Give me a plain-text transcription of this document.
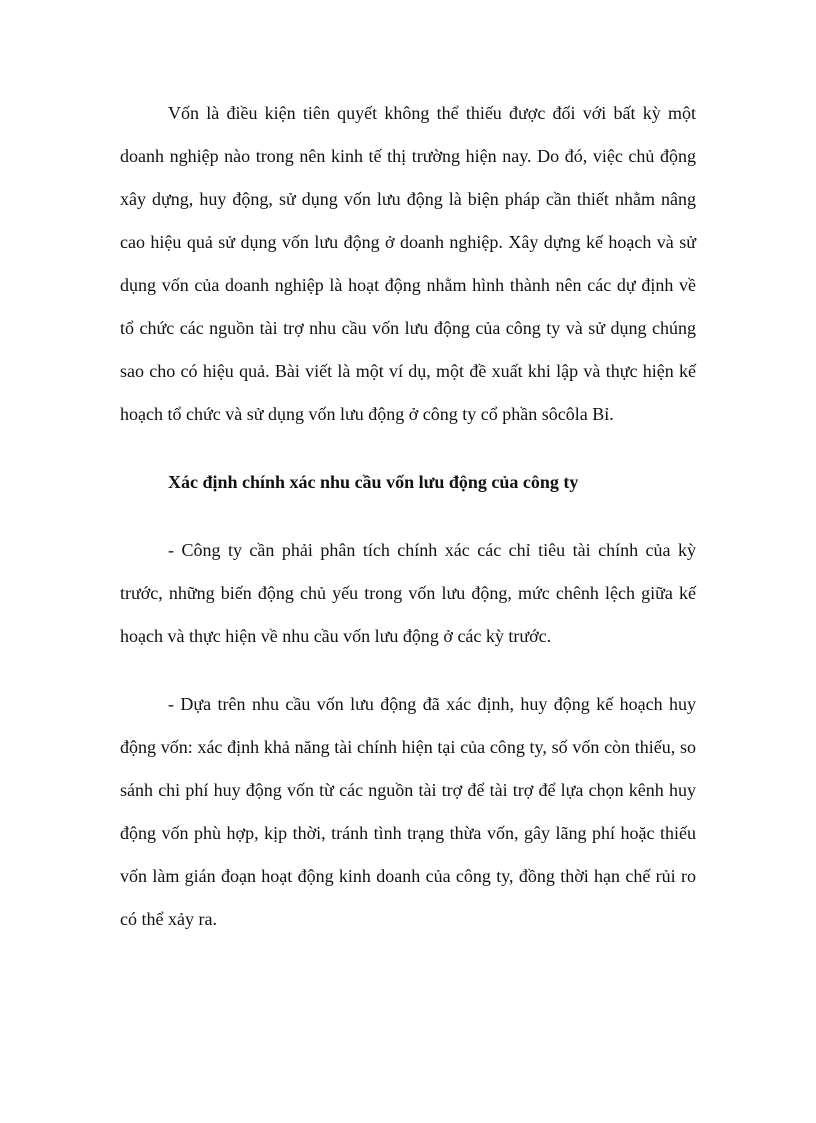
Vốn là điều kiện tiên quyết không thể thiếu được đối với bất kỳ một doanh nghiệp nào trong nên kinh tế thị trường hiện nay. Do đó, việc chủ động xây dựng, huy động, sử dụng vốn lưu động là biện pháp cần thiết nhằm nâng cao hiệu quả sử dụng vốn lưu động ở doanh nghiệp. Xây dựng kế hoạch và sử dụng vốn của doanh nghiệp là hoạt động nhằm hình thành nên các dự định về tổ chức các nguồn tài trợ nhu cầu vốn lưu động của công ty và sử dụng chúng sao cho có hiệu quả. Bài viết là một ví dụ, một đề xuất khi lập và thực hiện kế hoạch tổ chức và sử dụng vốn lưu động ở công ty cổ phần sôcôla Bỉ.

Xác định chính xác nhu cầu vốn lưu động của công ty

- Công ty cần phải phân tích chính xác các chỉ tiêu tài chính của kỳ trước, những biến động chủ yếu trong vốn lưu động, mức chênh lệch giữa kế hoạch và thực hiện về nhu cầu vốn lưu động ở các kỳ trước.

- Dựa trên nhu cầu vốn lưu động đã xác định, huy động kế hoạch huy động vốn: xác định khả năng tài chính hiện tại của công ty, số vốn còn thiếu, so sánh chi phí huy động vốn từ các nguồn tài trợ để tài trợ để lựa chọn kênh huy động vốn phù hợp, kịp thời, tránh tình trạng thừa vốn, gây lãng phí hoặc thiếu vốn làm gián đoạn hoạt động kinh doanh của công ty, đồng thời hạn chế rủi ro có thể xảy ra.
